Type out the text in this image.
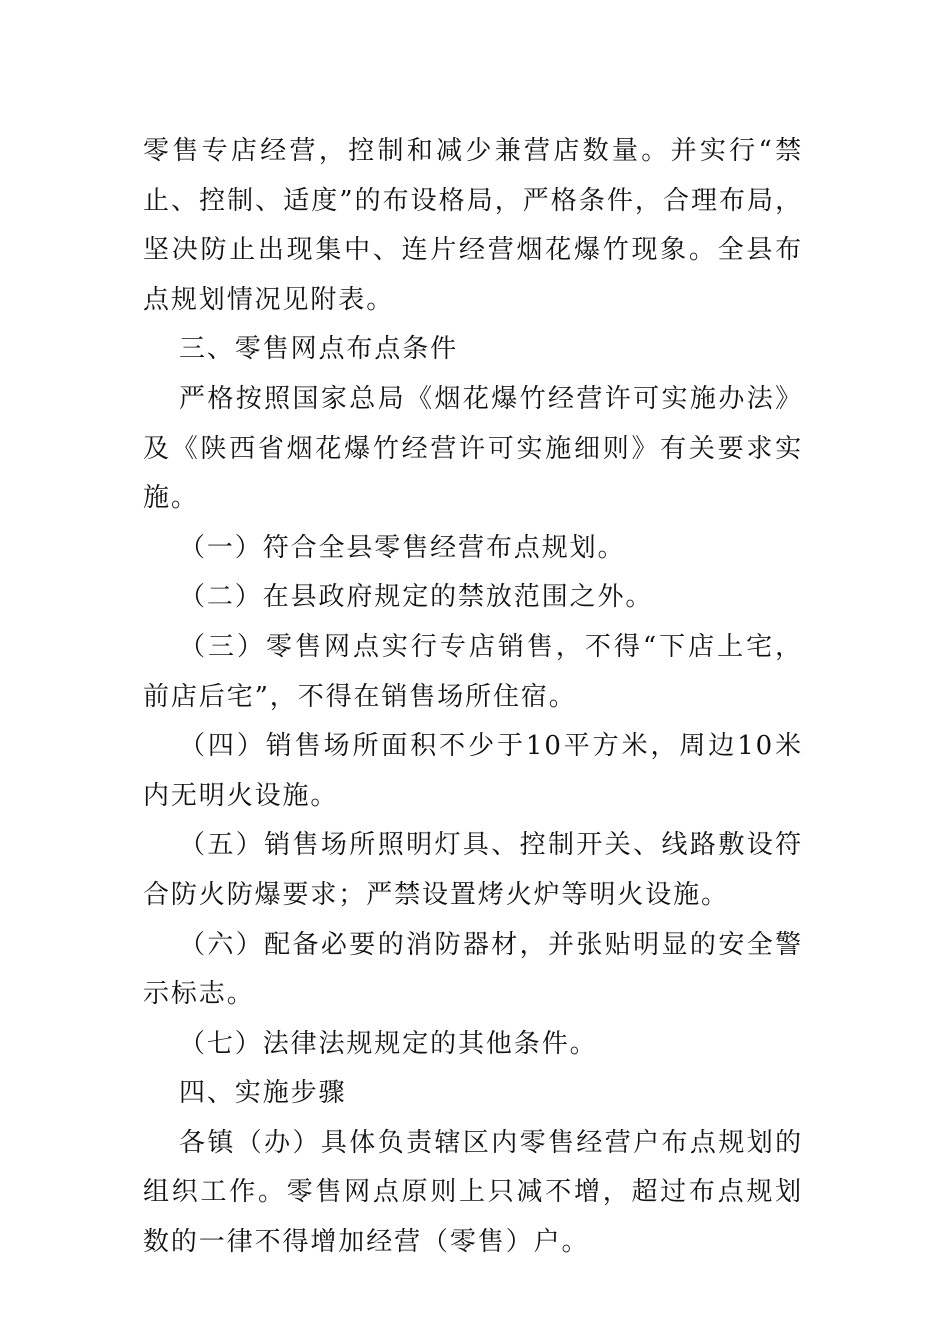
零售专店经营，控制和减少兼营店数量。并实行“禁止、控制、适度”的布设格局，严格条件，合理布局，坚决防止出现集中、连片经营烟花爆竹现象。全县布点规划情况见附表。

三、零售网点布点条件

严格按照国家总局《烟花爆竹经营许可实施办法》及《陕西省烟花爆竹经营许可实施细则》有关要求实施。

（一）符合全县零售经营布点规划。

（二）在县政府规定的禁放范围之外。

（三）零售网点实行专店销售，不得“下店上宅，前店后宅”，不得在销售场所住宿。

（四）销售场所面积不少于10平方米，周边10米内无明火设施。

（五）销售场所照明灯具、控制开关、线路敷设符合防火防爆要求；严禁设置烤火炉等明火设施。

（六）配备必要的消防器材，并张贴明显的安全警示标志。

（七）法律法规规定的其他条件。

四、实施步骤

各镇（办）具体负责辖区内零售经营户布点规划的组织工作。零售网点原则上只减不增，超过布点规划数的一律不得增加经营（零售）户。
